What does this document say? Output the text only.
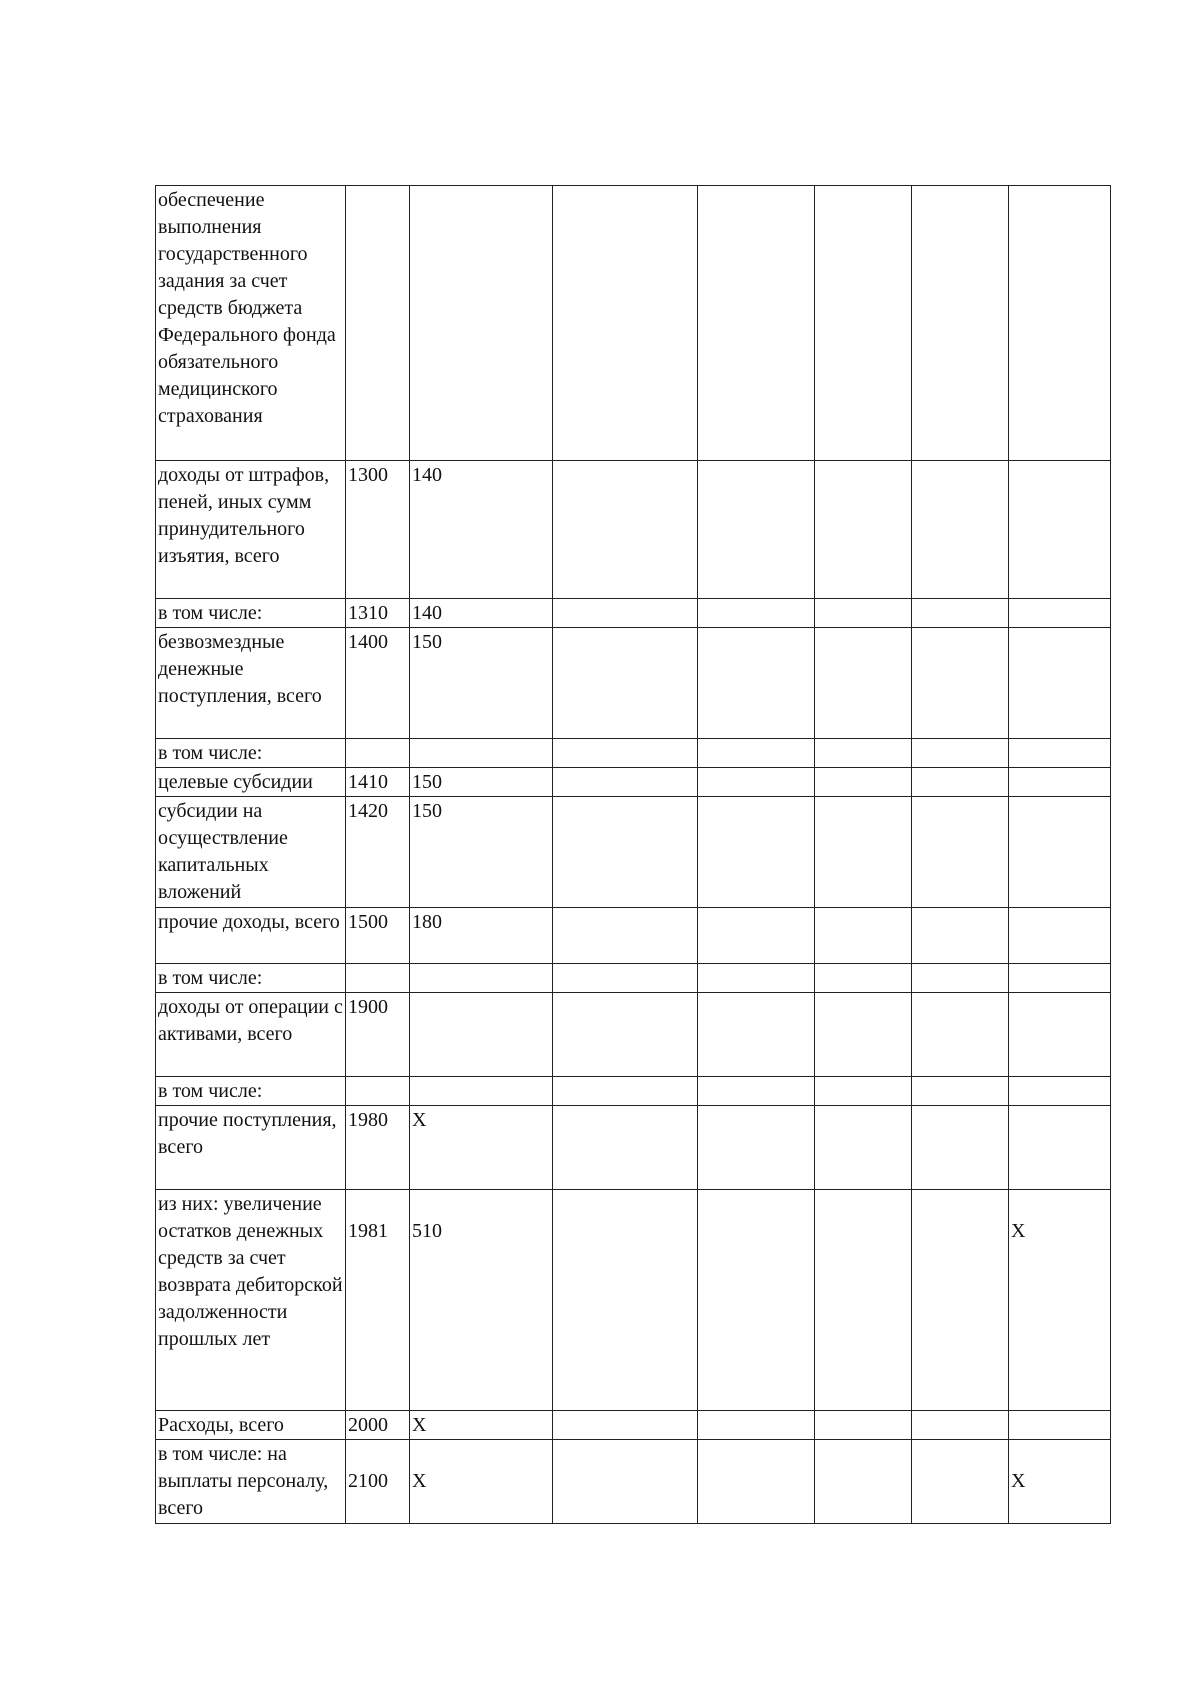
обеспечение выполнения государственного задания за счет средств бюджета Федерального фонда обязательного медицинского страхования							
доходы от штрафов, пеней, иных сумм принудительного изъятия, всего	1300	140					
в том числе:	1310	140					
безвозмездные денежные поступления, всего	1400	150					
в том числе:							
целевые субсидии	1410	150					
субсидии на осуществление капитальных вложений	1420	150					
прочие доходы, всего	1500	180					
в том числе:							
доходы от операции с активами, всего	1900						
в том числе:							
прочие поступления, всего	1980	X					
из них: увеличение остатков денежных средств за счет возврата дебиторской задолженности прошлых лет	1981	510					X
Расходы, всего	2000	X					
в том числе: на выплаты персоналу, всего	2100	X					X
